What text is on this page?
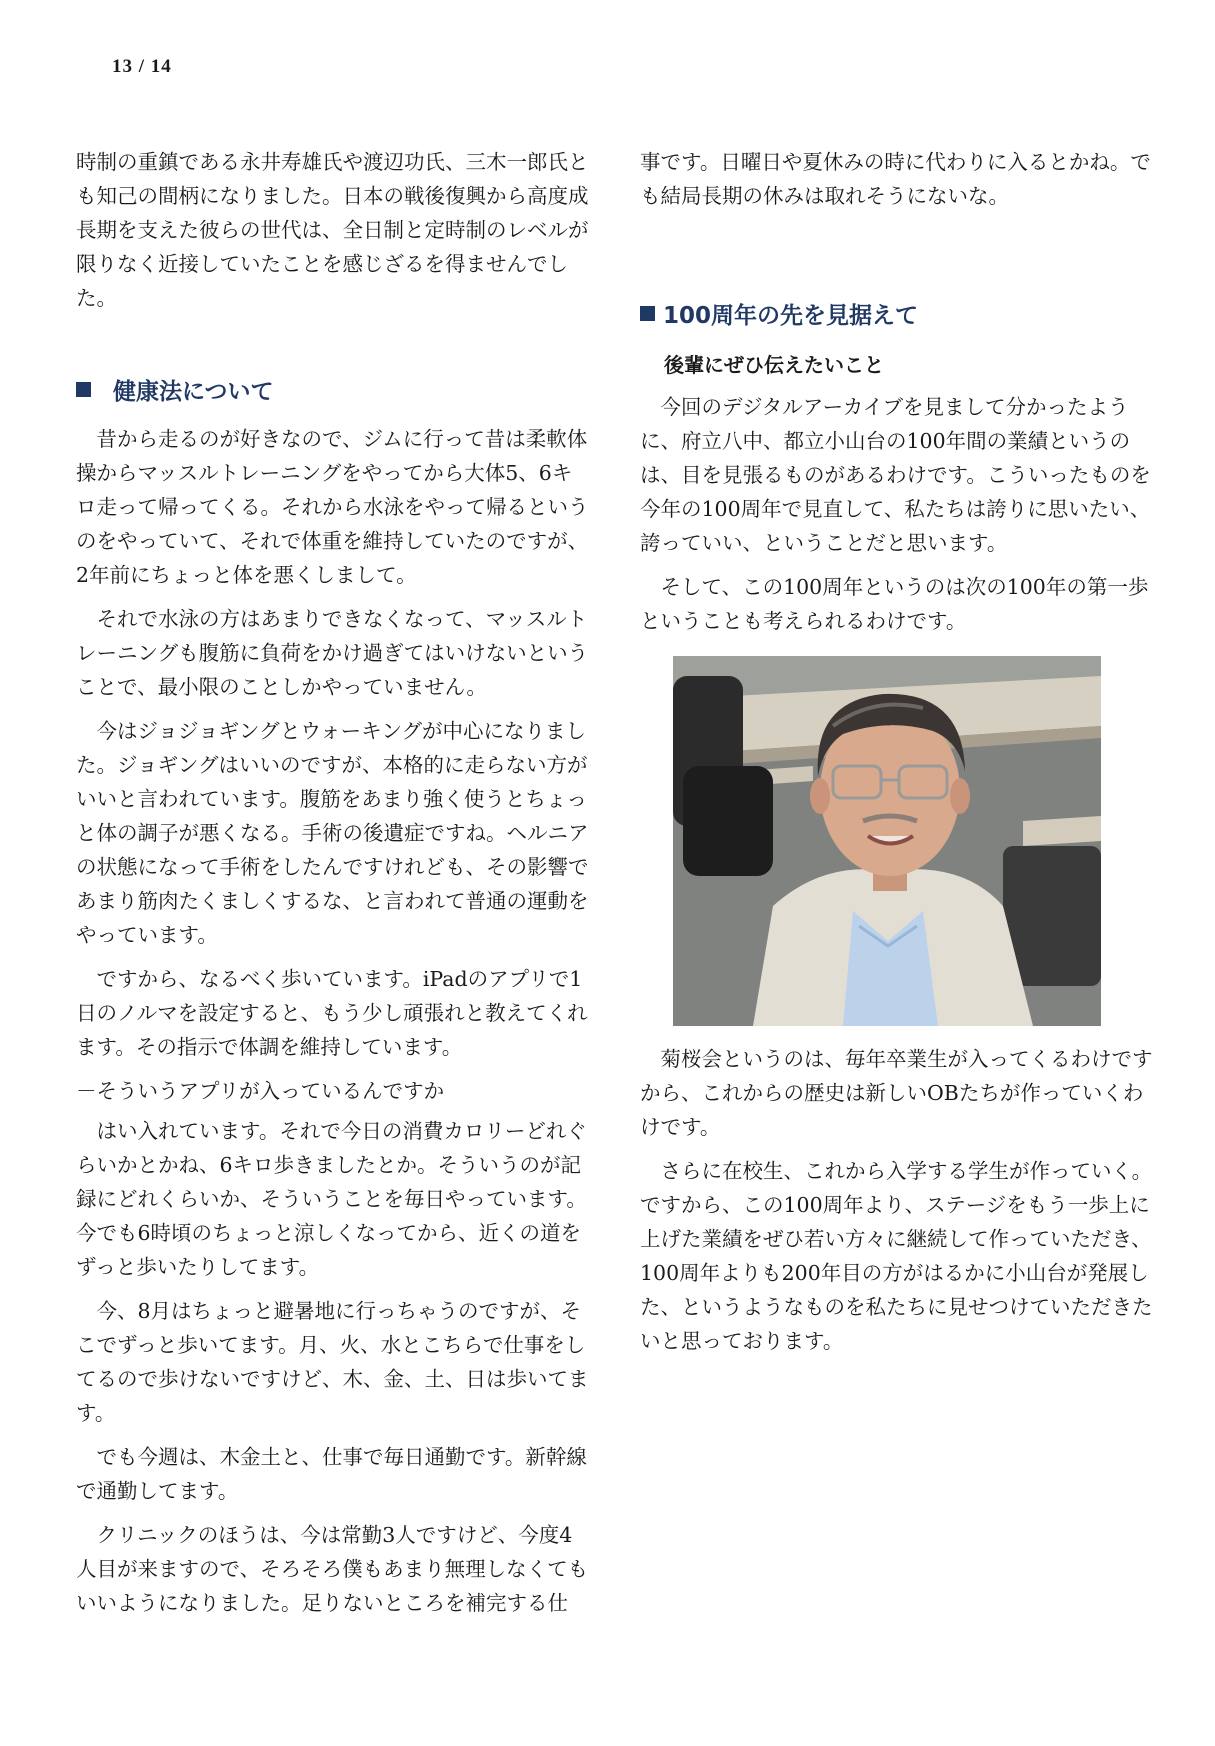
13 / 14

時制の重鎮である永井寿雄氏や渡辺功氏、三木一郎氏とも知己の間柄になりました。日本の戦後復興から高度成長期を支えた彼らの世代は、全日制と定時制のレベルが限りなく近接していたことを感じざるを得ませんでした。

健康法について

昔から走るのが好きなので、ジムに行って昔は柔軟体操からマッスルトレーニングをやってから大体5、6キロ走って帰ってくる。それから水泳をやって帰るというのをやっていて、それで体重を維持していたのですが、2年前にちょっと体を悪くしまして。

それで水泳の方はあまりできなくなって、マッスルトレーニングも腹筋に負荷をかけ過ぎてはいけないということで、最小限のことしかやっていません。

今はジョジョギングとウォーキングが中心になりました。ジョギングはいいのですが、本格的に走らない方がいいと言われています。腹筋をあまり強く使うとちょっと体の調子が悪くなる。手術の後遺症ですね。ヘルニアの状態になって手術をしたんですけれども、その影響であまり筋肉たくましくするな、と言われて普通の運動をやっています。

ですから、なるべく歩いています。iPadのアプリで1日のノルマを設定すると、もう少し頑張れと教えてくれます。その指示で体調を維持しています。

－そういうアプリが入っているんですか

はい入れています。それで今日の消費カロリーどれぐらいかとかね、6キロ歩きましたとか。そういうのが記録にどれくらいか、そういうことを毎日やっています。今でも6時頃のちょっと涼しくなってから、近くの道をずっと歩いたりしてます。

今、8月はちょっと避暑地に行っちゃうのですが、そこでずっと歩いてます。月、火、水とこちらで仕事をしてるので歩けないですけど、木、金、土、日は歩いてます。

でも今週は、木金土と、仕事で毎日通勤です。新幹線で通勤してます。

クリニックのほうは、今は常勤3人ですけど、今度4人目が来ますので、そろそろ僕もあまり無理しなくてもいいようになりました。足りないところを補完する仕

事です。日曜日や夏休みの時に代わりに入るとかね。でも結局長期の休みは取れそうにないな。

100周年の先を見据えて
後輩にぜひ伝えたいこと

今回のデジタルアーカイブを見まして分かったように、府立八中、都立小山台の100年間の業績というのは、目を見張るものがあるわけです。こういったものを今年の100周年で見直して、私たちは誇りに思いたい、誇っていい、ということだと思います。

そして、この100周年というのは次の100年の第一歩ということも考えられるわけです。

菊桜会というのは、毎年卒業生が入ってくるわけですから、これからの歴史は新しいOBたちが作っていくわけです。

さらに在校生、これから入学する学生が作っていく。ですから、この100周年より、ステージをもう一歩上に上げた業績をぜひ若い方々に継続して作っていただき、100周年よりも200年目の方がはるかに小山台が発展した、というようなものを私たちに見せつけていただきたいと思っております。
